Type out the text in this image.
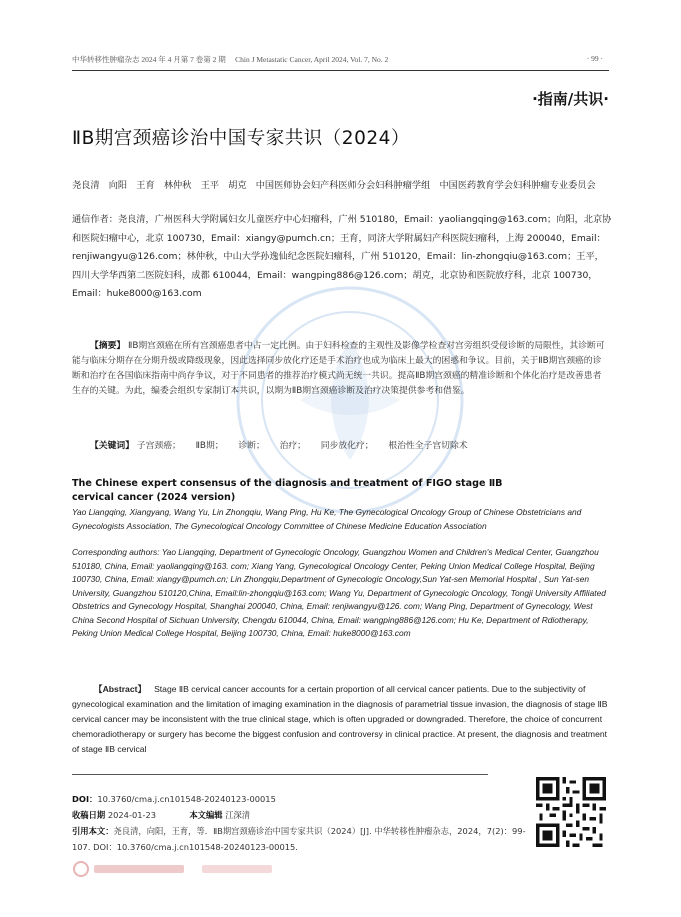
中华转移性肿瘤杂志 2024 年 4 月第 7 卷第 2 期 　Chin J Metastatic Cancer, April 2024, Vol. 7, No. 2	· 99 ·
·指南/共识·
ⅡB期宫颈癌诊治中国专家共识（2024）
尧良清　向阳　王育　林仲秋　王平　胡克　中国医师协会妇产科医师分会妇科肿瘤学组　中国医药教育学会妇科肿瘤专业委员会
通信作者：尧良清，广州医科大学附属妇女儿童医疗中心妇瘤科，广州 510180，Email：yaoliangqing@163.com；向阳，北京协和医院妇瘤中心，北京 100730，Email：xiangy@pumch.cn；王育，同济大学附属妇产科医院妇瘤科，上海 200040，Email：renjiwangyu@126.com；林仲秋，中山大学孙逸仙纪念医院妇瘤科，广州 510120，Email：lin-zhongqiu@163.com；王平，四川大学华西第二医院妇科，成都 610044，Email：wangping886@126.com；胡克，北京协和医院放疗科，北京 100730，Email：huke8000@163.com
【摘要】 ⅡB期宫颈癌在所有宫颈癌患者中占一定比例。由于妇科检查的主观性及影像学检查对宫旁组织受侵诊断的局限性，其诊断可能与临床分期存在分期升级或降级现象，因此选择同步放化疗还是手术治疗也成为临床上最大的困惑和争议。目前，关于ⅡB期宫颈癌的诊断和治疗在各国临床指南中尚存争议，对于不同患者的推荐治疗模式尚无统一共识。提高ⅡB期宫颈癌的精准诊断和个体化治疗是改善患者生存的关键。为此，编委会组织专家制订本共识，以期为ⅡB期宫颈癌诊断及治疗决策提供参考和借鉴。
【关键词】 子宫颈癌； ⅡB期； 诊断； 治疗； 同步放化疗； 根治性全子宫切除术
The Chinese expert consensus of the diagnosis and treatment of FIGO stage ⅡB cervical cancer (2024 version)
Yao Liangqing, Xiangyang, Wang Yu, Lin Zhongqiu, Wang Ping, Hu Ke, The Gynecological Oncology Group of Chinese Obstetricians and Gynecologists Association, The Gynecological Oncology Committee of Chinese Medicine Education Association
Corresponding authors: Yao Liangqing, Department of Gynecologic Oncology, Guangzhou Women and Children's Medical Center, Guangzhou 510180, China, Email: yaoliangqing@163. com; Xiang Yang, Gynecological Oncology Center, Peking Union Medical College Hospital, Beijing 100730, China, Email: xiangy@pumch.cn; Lin Zhongqiu,Department of Gynecologic Oncology,Sun Yat-sen Memorial Hospital , Sun Yat-sen University, Guangzhou 510120,China, Email:lin-zhongqiu@163.com; Wang Yu, Department of Gynecologic Oncology, Tongji University Affiliated Obstetrics and Gynecology Hospital, Shanghai 200040, China, Email: renjiwangyu@126. com; Wang Ping, Department of Gynecology, West China Second Hospital of Sichuan University, Chengdu 610044, China, Email: wangping886@126.com; Hu Ke, Department of Rdiotherapy, Peking Union Medical College Hospital, Beijing 100730, China, Email: huke8000@163.com
【Abstract】 Stage ⅡB cervical cancer accounts for a certain proportion of all cervical cancer patients. Due to the subjectivity of gynecological examination and the limitation of imaging examination in the diagnosis of parametrial tissue invasion, the diagnosis of stage ⅡB cervical cancer may be inconsistent with the true clinical stage, which is often upgraded or downgraded. Therefore, the choice of concurrent chemoradiotherapy or surgery has become the biggest confusion and controversy in clinical practice. At present, the diagnosis and treatment of stage ⅡB cervical
DOI：10.3760/cma.j.cn101548-20240123-00015
收稿日期 2024-01-23	本文编辑 江深清
引用本文：尧良清，向阳，王育，等．ⅡB期宫颈癌诊治中国专家共识（2024）[J]. 中华转移性肿瘤杂志，2024，7(2)：99-107. DOI：10.3760/cma.j.cn101548-20240123-00015.
